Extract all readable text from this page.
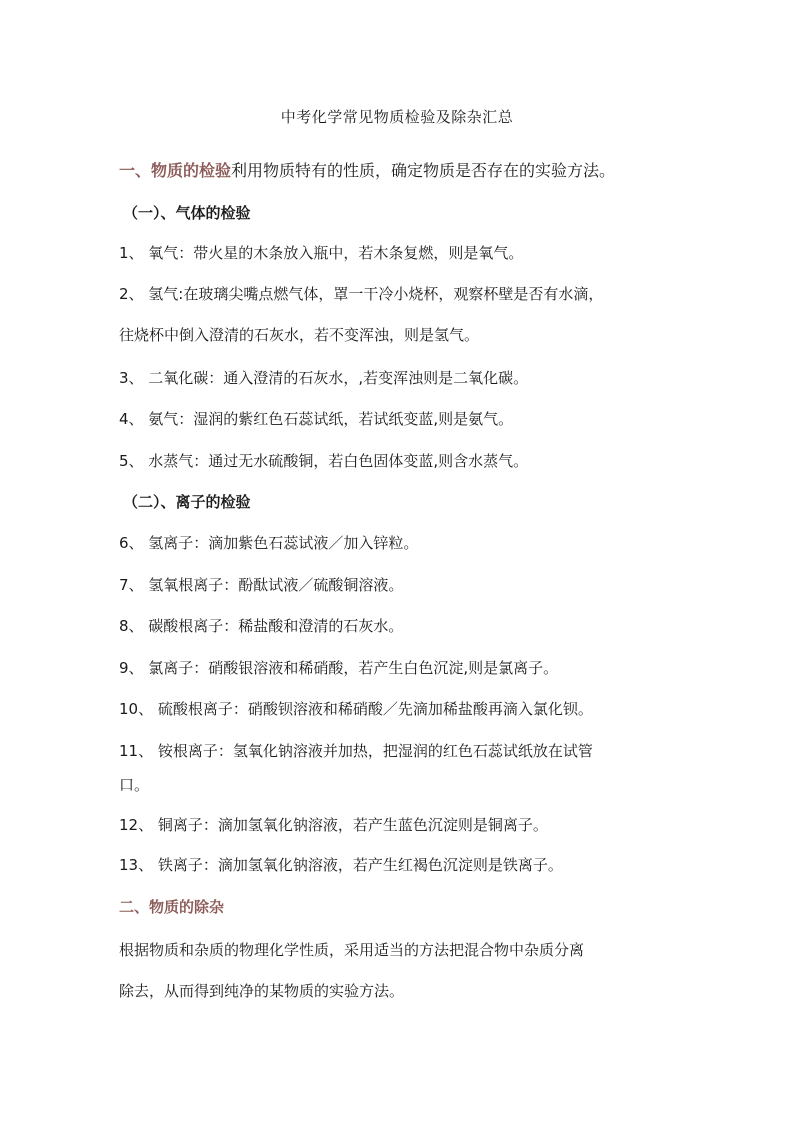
中考化学常见物质检验及除杂汇总
一、物质的检验利用物质特有的性质，确定物质是否存在的实验方法。
（一）、气体的检验
1、 氧气：带火星的木条放入瓶中，若木条复燃，则是氧气。
2、 氢气:在玻璃尖嘴点燃气体，罩一干冷小烧杯，观察杯壁是否有水滴，
往烧杯中倒入澄清的石灰水，若不变浑浊，则是氢气。
3、 二氧化碳：通入澄清的石灰水，,若变浑浊则是二氧化碳。
4、 氨气：湿润的紫红色石蕊试纸，若试纸变蓝,则是氨气。
5、 水蒸气：通过无水硫酸铜，若白色固体变蓝,则含水蒸气。
（二）、离子的检验
6、 氢离子：滴加紫色石蕊试液／加入锌粒。
7、 氢氧根离子：酚酞试液／硫酸铜溶液。
8、 碳酸根离子：稀盐酸和澄清的石灰水。
9、 氯离子：硝酸银溶液和稀硝酸，若产生白色沉淀,则是氯离子。
10、 硫酸根离子：硝酸钡溶液和稀硝酸／先滴加稀盐酸再滴入氯化钡。
11、 铵根离子：氢氧化钠溶液并加热，把湿润的红色石蕊试纸放在试管
口。
12、 铜离子：滴加氢氧化钠溶液，若产生蓝色沉淀则是铜离子。
13、 铁离子：滴加氢氧化钠溶液，若产生红褐色沉淀则是铁离子。
二、物质的除杂
根据物质和杂质的物理化学性质，采用适当的方法把混合物中杂质分离
除去，从而得到纯净的某物质的实验方法。
